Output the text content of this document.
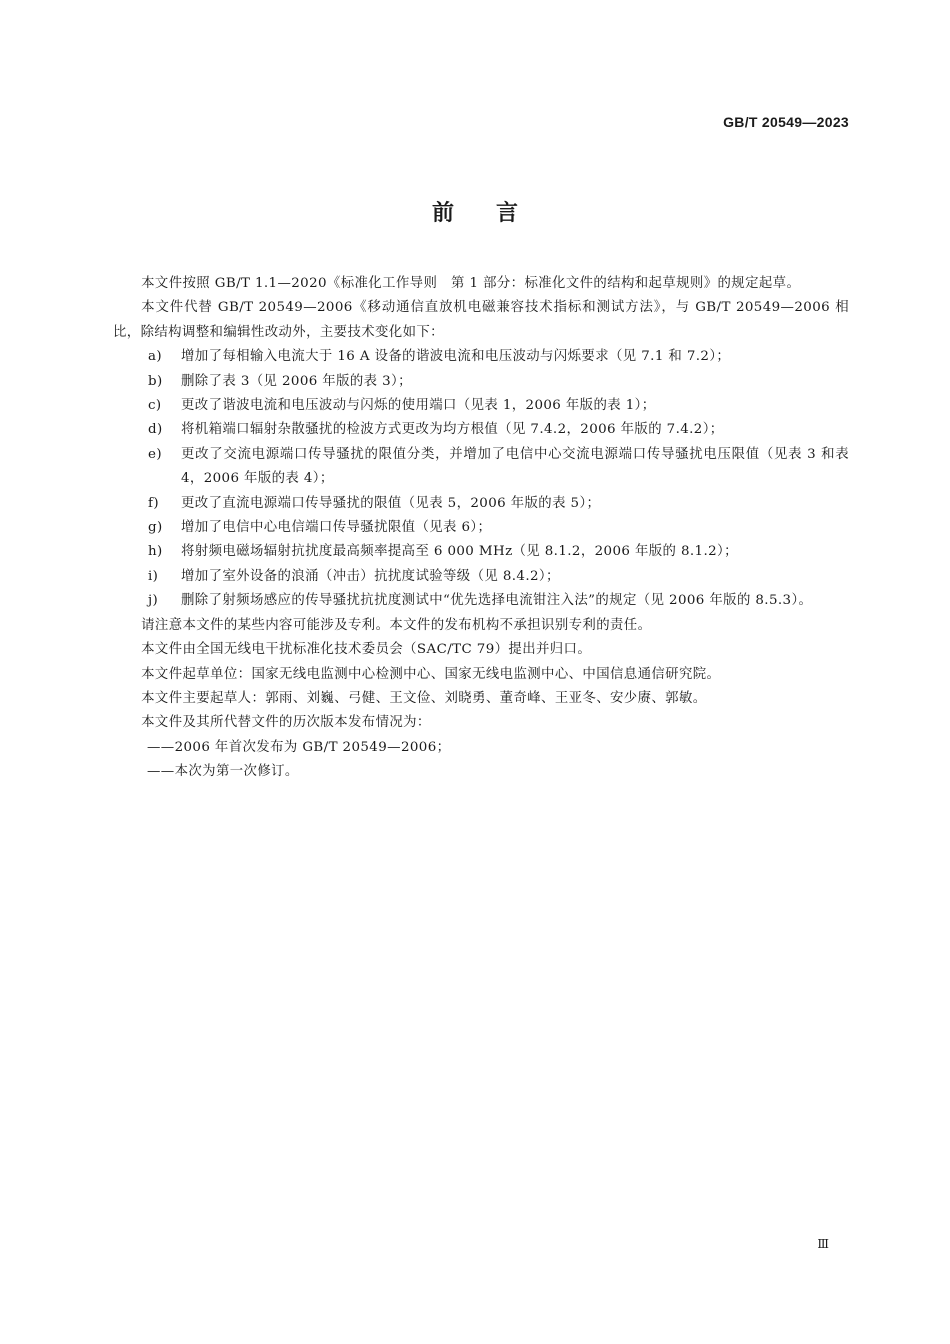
GB/T 20549—2023
前言

本文件按照 GB/T 1.1—2020《标准化工作导则　第 1 部分：标准化文件的结构和起草规则》的规定起草。

本文件代替 GB/T 20549—2006《移动通信直放机电磁兼容技术指标和测试方法》，与 GB/T 20549—2006 相比，除结构调整和编辑性改动外，主要技术变化如下：

a)	增加了每相输入电流大于 16 A 设备的谐波电流和电压波动与闪烁要求（见 7.1 和 7.2）；
b)	删除了表 3（见 2006 年版的表 3）；
c)	更改了谐波电流和电压波动与闪烁的使用端口（见表 1，2006 年版的表 1）；
d)	将机箱端口辐射杂散骚扰的检波方式更改为均方根值（见 7.4.2，2006 年版的 7.4.2）；
e)	更改了交流电源端口传导骚扰的限值分类，并增加了电信中心交流电源端口传导骚扰电压限值（见表 3 和表 4，2006 年版的表 4）；
f)	更改了直流电源端口传导骚扰的限值（见表 5，2006 年版的表 5）；
g)	增加了电信中心电信端口传导骚扰限值（见表 6）；
h)	将射频电磁场辐射抗扰度最高频率提高至 6 000 MHz（见 8.1.2，2006 年版的 8.1.2）；
i)	增加了室外设备的浪涌（冲击）抗扰度试验等级（见 8.4.2）；
j)	删除了射频场感应的传导骚扰抗扰度测试中“优先选择电流钳注入法”的规定（见 2006 年版的 8.5.3）。

请注意本文件的某些内容可能涉及专利。本文件的发布机构不承担识别专利的责任。

本文件由全国无线电干扰标准化技术委员会（SAC/TC 79）提出并归口。

本文件起草单位：国家无线电监测中心检测中心、国家无线电监测中心、中国信息通信研究院。

本文件主要起草人：郭雨、刘巍、弓健、王文俭、刘晓勇、董奇峰、王亚冬、安少赓、郭敏。

本文件及其所代替文件的历次版本发布情况为：

——2006 年首次发布为 GB/T 20549—2006；

——本次为第一次修订。

Ⅲ
